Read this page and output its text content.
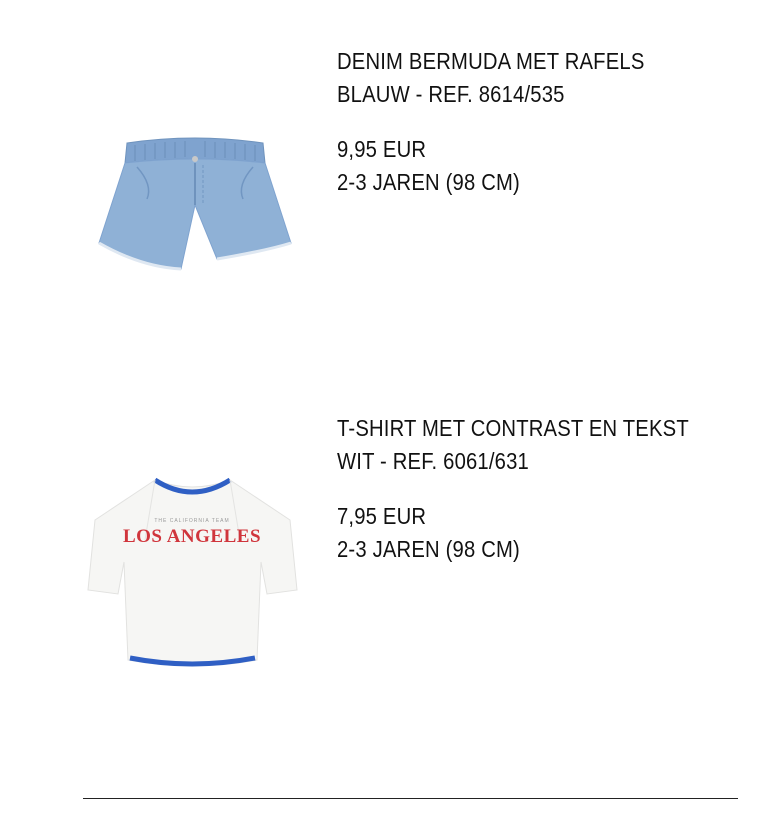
DENIM BERMUDA MET RAFELS
BLAUW - REF. 8614/535
9,95 EUR
2-3 JAREN (98 CM)
THE CALIFORNIA TEAM
LOS ANGELES
T-SHIRT MET CONTRAST EN TEKST
WIT - REF. 6061/631
7,95 EUR
2-3 JAREN (98 CM)
